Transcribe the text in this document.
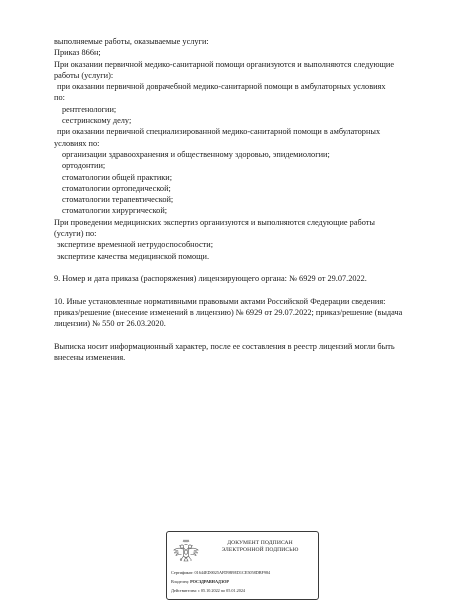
выполняемые работы, оказываемые услуги:
Приказ 866н;
При оказании первичной медико-санитарной помощи организуются и выполняются следующие
работы (услуги):
при оказании первичной доврачебной медико-санитарной помощи в амбулаторных условиях
по:
рентгенологии;
сестринскому делу;
при оказании первичной специализированной медико-санитарной помощи в амбулаторных
условиях по:
организации здравоохранения и общественному здоровью, эпидемиологии;
ортодонтии;
стоматологии общей практики;
стоматологии ортопедической;
стоматологии терапевтической;
стоматологии хирургической;
При проведении медицинских экспертиз организуются и выполняются следующие работы
(услуги) по:
экспертизе временной нетрудоспособности;
экспертизе качества медицинской помощи.
9. Номер и дата приказа (распоряжения) лицензирующего органа: № 6929 от 29.07.2022.
10. Иные установленные нормативными правовыми актами Российской Федерации сведения:
приказ/решение (внесение изменений в лицензию) № 6929 от 29.07.2022; приказ/решение (выдача
лицензии) № 550 от 26.03.2020.
Выписка носит информационный характер, после ее составления в реестр лицензий могли быть
внесены изменения.
ДОКУМЕНТ ПОДПИСАН
ЭЛЕКТРОННОЙ ПОДПИСЬЮ
Сертификат: 01644ED0025AFD9B9ED1CE5058DBF984
Владелец: РОСЗДРАВНАДЗОР
Действителен: с 05.10.2022 по 05.01.2024
